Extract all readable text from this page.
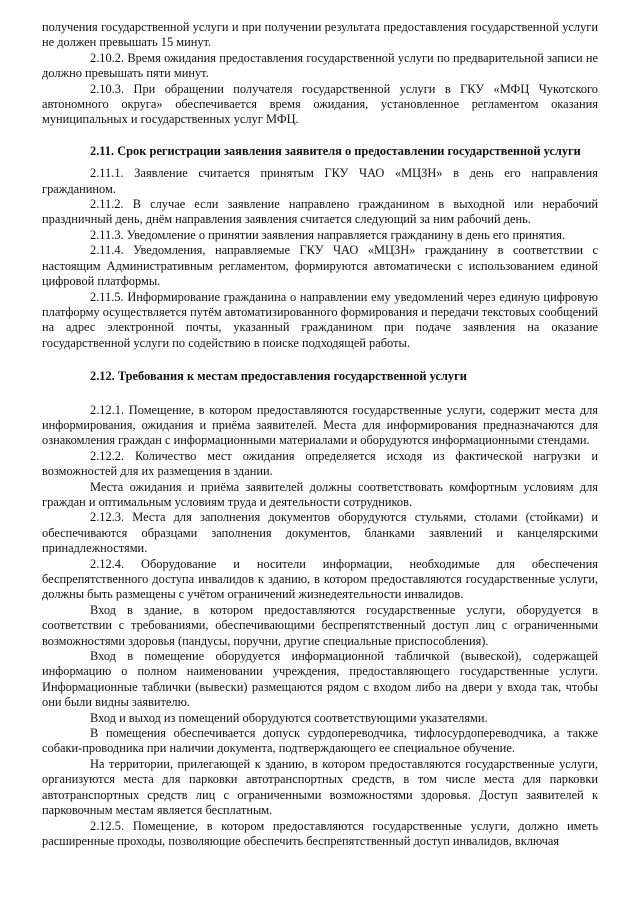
получения государственной услуги и при получении результата предоставления государственной услуги не должен превышать 15 минут.

2.10.2. Время ожидания предоставления государственной услуги по предварительной записи не должно превышать пяти минут.

2.10.3. При обращении получателя государственной услуги в ГКУ «МФЦ Чукотского автономного округа» обеспечивается время ожидания, установленное регламентом оказания муниципальных и государственных услуг МФЦ.

2.11. Срок регистрации заявления заявителя о предоставлении государственной услуги

2.11.1. Заявление считается принятым ГКУ ЧАО «МЦЗН» в день его направления гражданином.

2.11.2. В случае если заявление направлено гражданином в выходной или нерабочий праздничный день, днём направления заявления считается следующий за ним рабочий день.

2.11.3. Уведомление о принятии заявления направляется гражданину в день его принятия.

2.11.4. Уведомления, направляемые ГКУ ЧАО «МЦЗН» гражданину в соответствии с настоящим Административным регламентом, формируются автоматически с использованием единой цифровой платформы.

2.11.5. Информирование гражданина о направлении ему уведомлений через единую цифровую платформу осуществляется путём автоматизированного формирования и передачи текстовых сообщений на адрес электронной почты, указанный гражданином при подаче заявления на оказание государственной услуги по содействию в поиске подходящей работы.

2.12. Требования к местам предоставления государственной услуги

2.12.1. Помещение, в котором предоставляются государственные услуги, содержит места для информирования, ожидания и приёма заявителей. Места для информирования предназначаются для ознакомления граждан с информационными материалами и оборудуются информационными стендами.

2.12.2. Количество мест ожидания определяется исходя из фактической нагрузки и возможностей для их размещения в здании.

Места ожидания и приёма заявителей должны соответствовать комфортным условиям для граждан и оптимальным условиям труда и деятельности сотрудников.

2.12.3. Места для заполнения документов оборудуются стульями, столами (стойками) и обеспечиваются образцами заполнения документов, бланками заявлений и канцелярскими принадлежностями.

2.12.4. Оборудование и носители информации, необходимые для обеспечения беспрепятственного доступа инвалидов к зданию, в котором предоставляются государственные услуги, должны быть размещены с учётом ограничений жизнедеятельности инвалидов.

Вход в здание, в котором предоставляются государственные услуги, оборудуется в соответствии с требованиями, обеспечивающими беспрепятственный доступ лиц с ограниченными возможностями здоровья (пандусы, поручни, другие специальные приспособления).

Вход в помещение оборудуется информационной табличкой (вывеской), содержащей информацию о полном наименовании учреждения, предоставляющего государственные услуги. Информационные таблички (вывески) размещаются рядом с входом либо на двери у входа так, чтобы они были видны заявителю.

Вход и выход из помещений оборудуются соответствующими указателями.

В помещения обеспечивается допуск сурдопереводчика, тифлосурдопереводчика, а также собаки-проводника при наличии документа, подтверждающего ее специальное обучение.

На территории, прилегающей к зданию, в котором предоставляются государственные услуги, организуются места для парковки автотранспортных средств, в том числе места для парковки автотранспортных средств лиц с ограниченными возможностями здоровья. Доступ заявителей к парковочным местам является бесплатным.

2.12.5. Помещение, в котором предоставляются государственные услуги, должно иметь расширенные проходы, позволяющие обеспечить беспрепятственный доступ инвалидов, включая
